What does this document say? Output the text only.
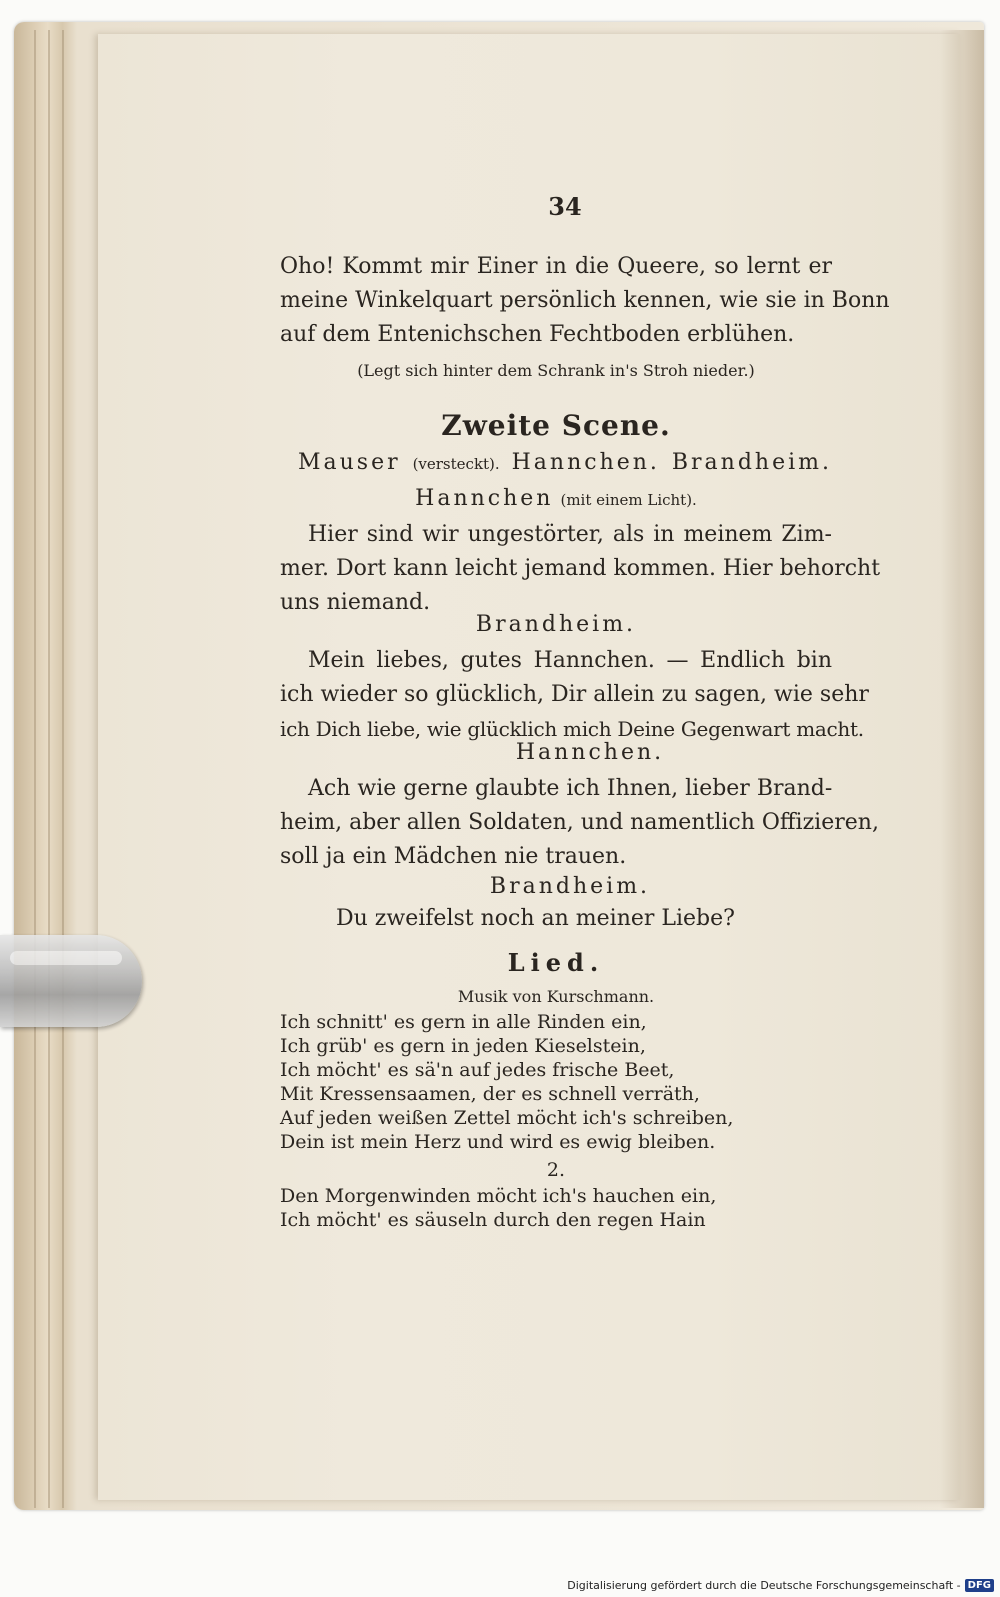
34
Oho! Kommt mir Einer in die Queere, so lernt er
meine Winkelquart persönlich kennen, wie sie in Bonn
auf dem Entenichschen Fechtboden erblühen.
(Legt sich hinter dem Schrank in's Stroh nieder.)
Zweite Scene.
Mauser (versteckt). Hannchen. Brandheim.
Hannchen (mit einem Licht).
Hier sind wir ungestörter, als in meinem Zim-
mer. Dort kann leicht jemand kommen. Hier behorcht
uns niemand.
Brandheim.
Mein liebes, gutes Hannchen. — Endlich bin
ich wieder so glücklich, Dir allein zu sagen, wie sehr
ich Dich liebe, wie glücklich mich Deine Gegenwart macht.
Hannchen.
Ach wie gerne glaubte ich Ihnen, lieber Brand-
heim, aber allen Soldaten, und namentlich Offizieren,
soll ja ein Mädchen nie trauen.
Brandheim.
Du zweifelst noch an meiner Liebe?
Lied.
Musik von Kurschmann.
Ich schnitt' es gern in alle Rinden ein,
Ich grüb' es gern in jeden Kieselstein,
Ich möcht' es sä'n auf jedes frische Beet,
Mit Kressensaamen, der es schnell verräth,
Auf jeden weißen Zettel möcht ich's schreiben,
Dein ist mein Herz und wird es ewig bleiben.
2.
Den Morgenwinden möcht ich's hauchen ein,
Ich möcht' es säuseln durch den regen Hain
Digitalisierung gefördert durch die Deutsche Forschungsgemeinschaft - DFG
